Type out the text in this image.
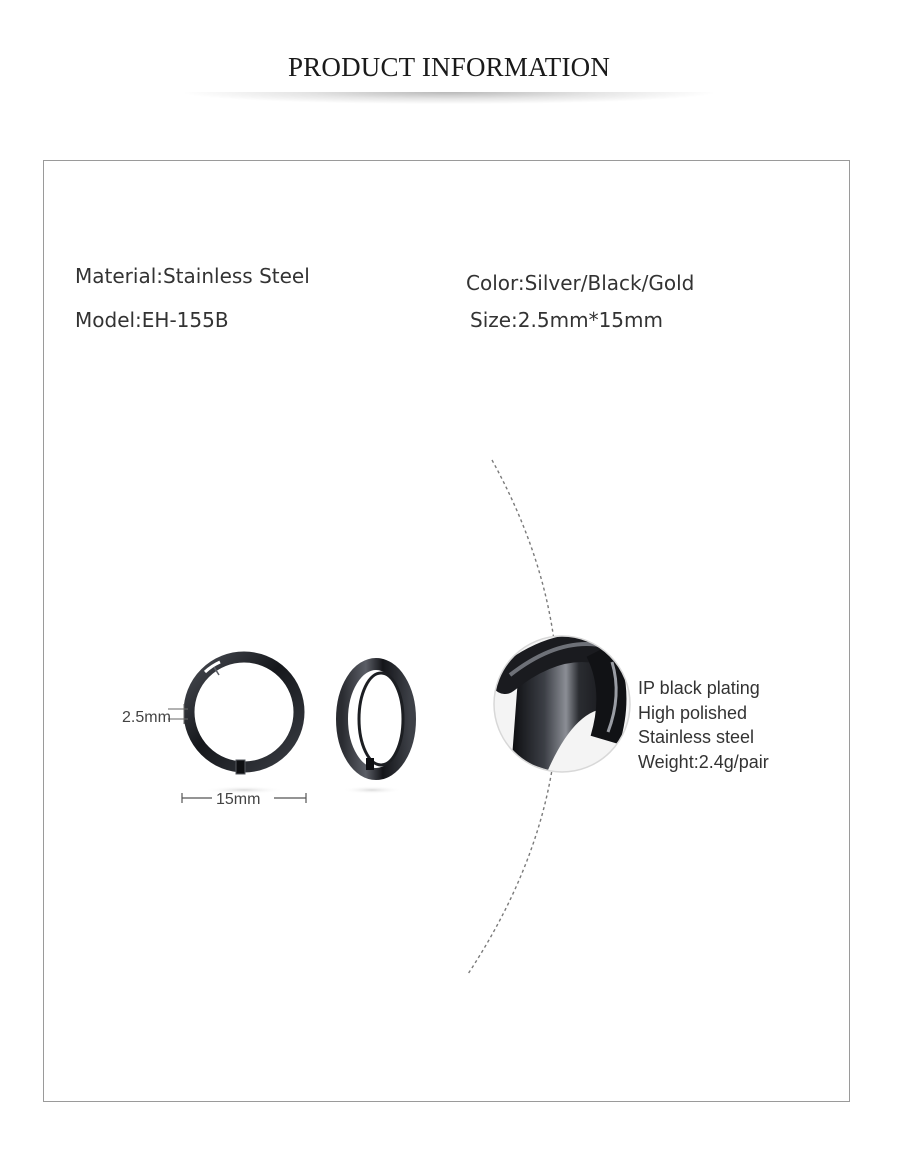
PRODUCT INFORMATION
Material:Stainless Steel
Model:EH-155B
Color:Silver/Black/Gold
Size:2.5mm*15mm
2.5mm
15mm
IP black plating
High polished
Stainless steel
Weight:2.4g/pair
